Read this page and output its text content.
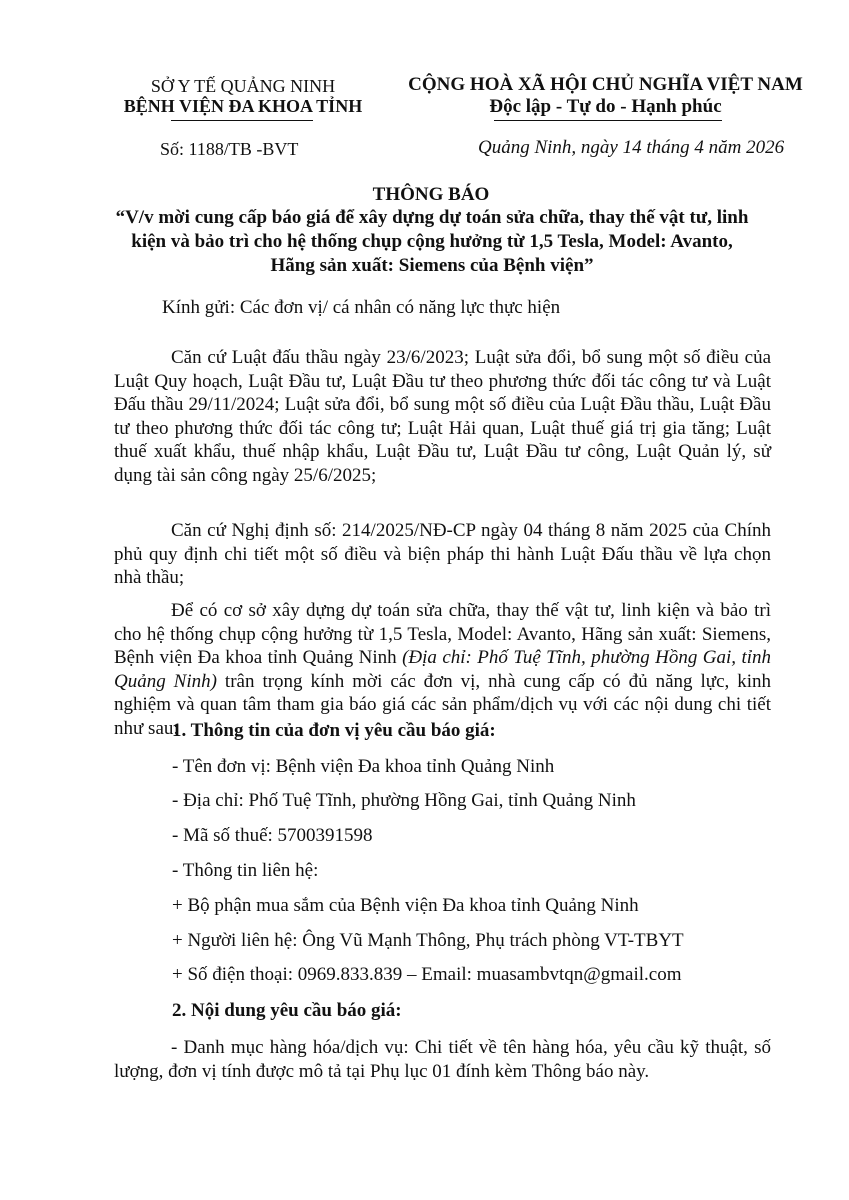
SỞ Y TẾ QUẢNG NINH
BỆNH VIỆN ĐA KHOA TỈNH
CỘNG HOÀ XÃ HỘI CHỦ NGHĨA VIỆT NAM
Độc lập - Tự do - Hạnh phúc
Số: 1188/TB -BVT	Quảng Ninh, ngày 14 tháng 4 năm 2026
THÔNG BÁO
“V/v mời cung cấp báo giá để xây dựng dự toán sửa chữa, thay thế vật tư, linh kiện và bảo trì cho hệ thống chụp cộng hưởng từ 1,5 Tesla, Model: Avanto, Hãng sản xuất: Siemens của Bệnh viện”
Kính gửi: Các đơn vị/ cá nhân có năng lực thực hiện
Căn cứ Luật đấu thầu ngày 23/6/2023; Luật sửa đổi, bổ sung một số điều của Luật Quy hoạch, Luật Đầu tư, Luật Đầu tư theo phương thức đối tác công tư và Luật Đấu thầu 29/11/2024; Luật sửa đổi, bổ sung một số điều của Luật Đầu thầu, Luật Đầu tư theo phương thức đối tác công tư; Luật Hải quan, Luật thuế giá trị gia tăng; Luật thuế xuất khẩu, thuế nhập khẩu, Luật Đầu tư, Luật Đầu tư công, Luật Quản lý, sử dụng tài sản công ngày 25/6/2025;
Căn cứ Nghị định số: 214/2025/NĐ-CP ngày 04 tháng 8 năm 2025 của Chính phủ quy định chi tiết một số điều và biện pháp thi hành Luật Đấu thầu về lựa chọn nhà thầu;
Để có cơ sở xây dựng dự toán sửa chữa, thay thế vật tư, linh kiện và bảo trì cho hệ thống chụp cộng hưởng từ 1,5 Tesla, Model: Avanto, Hãng sản xuất: Siemens, Bệnh viện Đa khoa tỉnh Quảng Ninh (Địa chỉ: Phố Tuệ Tĩnh, phường Hồng Gai, tỉnh Quảng Ninh) trân trọng kính mời các đơn vị, nhà cung cấp có đủ năng lực, kinh nghiệm và quan tâm tham gia báo giá các sản phẩm/dịch vụ với các nội dung chi tiết như sau:
1. Thông tin của đơn vị yêu cầu báo giá:
- Tên đơn vị: Bệnh viện Đa khoa tỉnh Quảng Ninh
- Địa chỉ: Phố Tuệ Tĩnh, phường Hồng Gai, tỉnh Quảng Ninh
- Mã số thuế: 5700391598
- Thông tin liên hệ:
+ Bộ phận mua sắm của Bệnh viện Đa khoa tỉnh Quảng Ninh
+ Người liên hệ: Ông Vũ Mạnh Thông, Phụ trách phòng VT-TBYT
+ Số điện thoại: 0969.833.839 – Email: muasambvtqn@gmail.com
2. Nội dung yêu cầu báo giá:
- Danh mục hàng hóa/dịch vụ: Chi tiết về tên hàng hóa, yêu cầu kỹ thuật, số lượng, đơn vị tính được mô tả tại Phụ lục 01 đính kèm Thông báo này.
